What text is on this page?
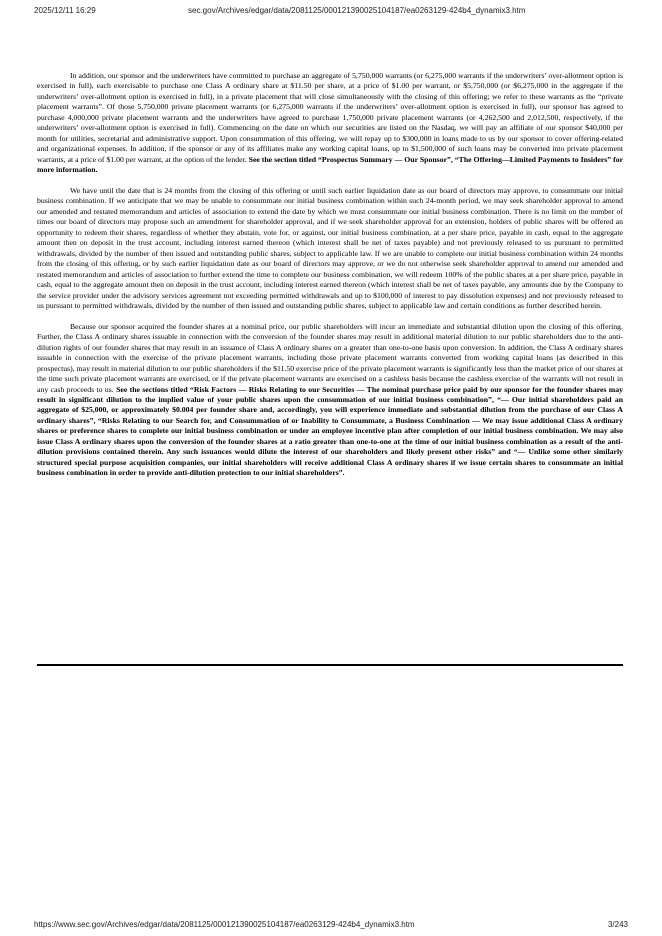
2025/12/11 16:29	sec.gov/Archives/edgar/data/2081125/000121390025104187/ea0263129-424b4_dynamix3.htm

In addition, our sponsor and the underwriters have committed to purchase an aggregate of 5,750,000 warrants (or 6,275,000 warrants if the underwriters’ over-allotment option is exercised in full), each exercisable to purchase one Class A ordinary share at $11.50 per share, at a price of $1.00 per warrant, or $5,750,000 (or $6,275,000 in the aggregate if the underwriters’ over-allotment option is exercised in full), in a private placement that will close simultaneously with the closing of this offering; we refer to these warrants as the “private placement warrants”. Of those 5,750,000 private placement warrants (or 6,275,000 warrants if the underwriters’ over-allotment option is exercised in full), our sponsor has agreed to purchase 4,000,000 private placement warrants and the underwriters have agreed to purchase 1,750,000 private placement warrants (or 4,262,500 and 2,012,500, respectively, if the underwriters’ over-allotment option is exercised in full). Commencing on the date on which our securities are listed on the Nasdaq, we will pay an affiliate of our sponsor $40,000 per month for utilities, secretarial and administrative support. Upon consummation of this offering, we will repay up to $300,000 in loans made to us by our sponsor to cover offering-related and organizational expenses. In addition, if the sponsor or any of its affiliates make any working capital loans, up to $1,500,000 of such loans may be converted into private placement warrants, at a price of $1.00 per warrant, at the option of the lender. See the section titled “Prospectus Summary — Our Sponsor”, “The Offering—Limited Payments to Insiders” for more information.

We have until the date that is 24 months from the closing of this offering or until such earlier liquidation date as our board of directors may approve, to consummate our initial business combination. If we anticipate that we may be unable to consummate our initial business combination within such 24-month period, we may seek shareholder approval to amend our amended and restated memorandum and articles of association to extend the date by which we must consummate our initial business combination. There is no limit on the number of times our board of directors may propose such an amendment for shareholder approval, and if we seek shareholder approval for an extension, holders of public shares will be offered an opportunity to redeem their shares, regardless of whether they abstain, vote for, or against, our initial business combination, at a per share price, payable in cash, equal to the aggregate amount then on deposit in the trust account, including interest earned thereon (which interest shall be net of taxes payable) and not previously released to us pursuant to permitted withdrawals, divided by the number of then issued and outstanding public shares, subject to applicable law. If we are unable to complete our initial business combination within 24 months from the closing of this offering, or by such earlier liquidation date as our board of directors may approve, or we do not otherwise seek shareholder approval to amend our amended and restated memorandum and articles of association to further extend the time to complete our business combination, we will redeem 100% of the public shares at a per share price, payable in cash, equal to the aggregate amount then on deposit in the trust account, including interest earned thereon (which interest shall be net of taxes payable, any amounts due by the Company to the service provider under the advisory services agreement not exceeding permitted withdrawals and up to $100,000 of interest to pay dissolution expenses) and not previously released to us pursuant to permitted withdrawals, divided by the number of then issued and outstanding public shares, subject to applicable law and certain conditions as further described herein.

Because our sponsor acquired the founder shares at a nominal price, our public shareholders will incur an immediate and substantial dilution upon the closing of this offering. Further, the Class A ordinary shares issuable in connection with the conversion of the founder shares may result in additional material dilution to our public shareholders due to the anti-dilution rights of our founder shares that may result in an issuance of Class A ordinary shares on a greater than one-to-one basis upon conversion. In addition, the Class A ordinary shares issuable in connection with the exercise of the private placement warrants, including those private placement warrants converted from working capital loans (as described in this prospectus), may result in material dilution to our public shareholders if the $11.50 exercise price of the private placement warrants is significantly less than the market price of our shares at the time such private placement warrants are exercised, or if the private placement warrants are exercised on a cashless basis because the cashless exercise of the warrants will not result in any cash proceeds to us. See the sections titled “Risk Factors — Risks Relating to our Securities — The nominal purchase price paid by our sponsor for the founder shares may result in significant dilution to the implied value of your public shares upon the consummation of our initial business combination”, “— Our initial shareholders paid an aggregate of $25,000, or approximately $0.004 per founder share and, accordingly, you will experience immediate and substantial dilution from the purchase of our Class A ordinary shares”, “Risks Relating to our Search for, and Consummation of or Inability to Consummate, a Business Combination — We may issue additional Class A ordinary shares or preference shares to complete our initial business combination or under an employee incentive plan after completion of our initial business combination. We may also issue Class A ordinary shares upon the conversion of the founder shares at a ratio greater than one-to-one at the time of our initial business combination as a result of the anti-dilution provisions contained therein. Any such issuances would dilute the interest of our shareholders and likely present other risks” and “— Unlike some other similarly structured special purpose acquisition companies, our initial shareholders will receive additional Class A ordinary shares if we issue certain shares to consummate an initial business combination in order to provide anti-dilution protection to our initial shareholders”.

https://www.sec.gov/Archives/edgar/data/2081125/000121390025104187/ea0263129-424b4_dynamix3.htm	3/243
